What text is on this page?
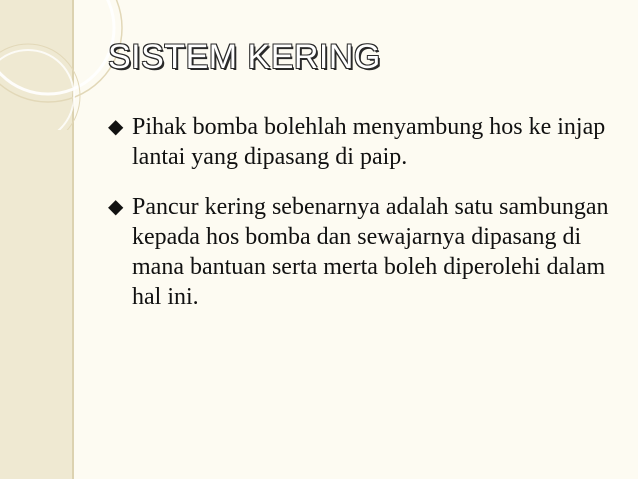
SISTEM KERING
◆ Pihak bomba bolehlah menyambung hos ke injap lantai yang dipasang di paip.
◆ Pancur kering sebenarnya adalah satu sambungan kepada hos bomba dan sewajarnya dipasang di mana bantuan serta merta boleh diperolehi dalam hal ini.
